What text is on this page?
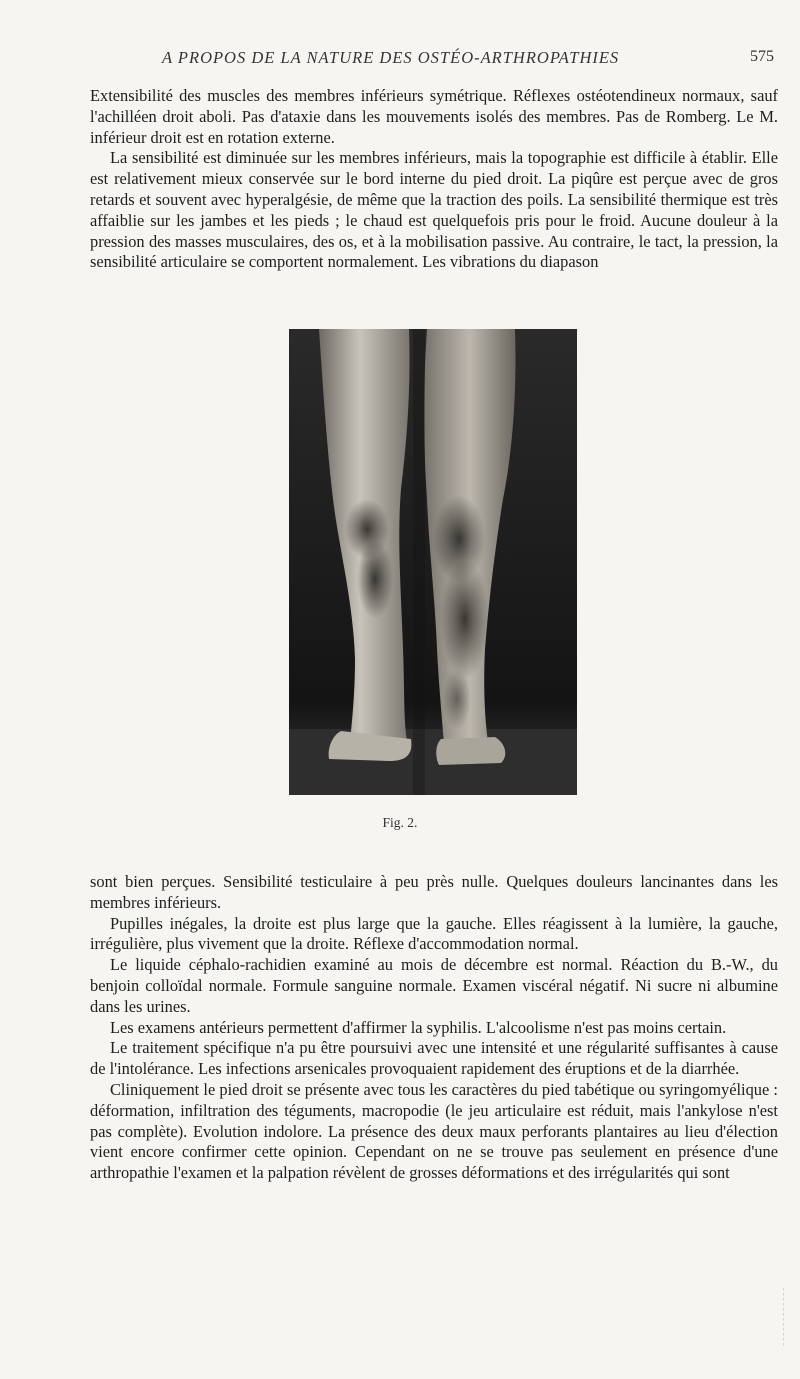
A PROPOS DE LA NATURE DES OSTÉO-ARTHROPATHIES	575

Extensibilité des muscles des membres inférieurs symétrique. Réflexes ostéotendineux normaux, sauf l'achilléen droit aboli. Pas d'ataxie dans les mouvements isolés des membres. Pas de Romberg. Le M. inférieur droit est en rotation externe.

La sensibilité est diminuée sur les membres inférieurs, mais la topographie est difficile à établir. Elle est relativement mieux conservée sur le bord interne du pied droit. La piqûre est perçue avec de gros retards et souvent avec hyperalgésie, de même que la traction des poils. La sensibilité thermique est très affaiblie sur les jambes et les pieds ; le chaud est quelquefois pris pour le froid. Aucune douleur à la pression des masses musculaires, des os, et à la mobilisation passive. Au contraire, le tact, la pression, la sensibilité articulaire se comportent normalement. Les vibrations du diapason

Fig. 2.

sont bien perçues. Sensibilité testiculaire à peu près nulle. Quelques douleurs lancinantes dans les membres inférieurs.

Pupilles inégales, la droite est plus large que la gauche. Elles réagissent à la lumière, la gauche, irrégulière, plus vivement que la droite. Réflexe d'accommodation normal.

Le liquide céphalo-rachidien examiné au mois de décembre est normal. Réaction du B.-W., du benjoin colloïdal normale. Formule sanguine normale. Examen viscéral négatif. Ni sucre ni albumine dans les urines.

Les examens antérieurs permettent d'affirmer la syphilis. L'alcoolisme n'est pas moins certain.

Le traitement spécifique n'a pu être poursuivi avec une intensité et une régularité suffisantes à cause de l'intolérance. Les infections arsenicales provoquaient rapidement des éruptions et de la diarrhée.

Cliniquement le pied droit se présente avec tous les caractères du pied tabétique ou syringomyélique : déformation, infiltration des téguments, macropodie (le jeu articulaire est réduit, mais l'ankylose n'est pas complète). Evolution indolore. La présence des deux maux perforants plantaires au lieu d'élection vient encore confirmer cette opinion. Cependant on ne se trouve pas seulement en présence d'une arthropathie l'examen et la palpation révèlent de grosses déformations et des irrégularités qui sont
